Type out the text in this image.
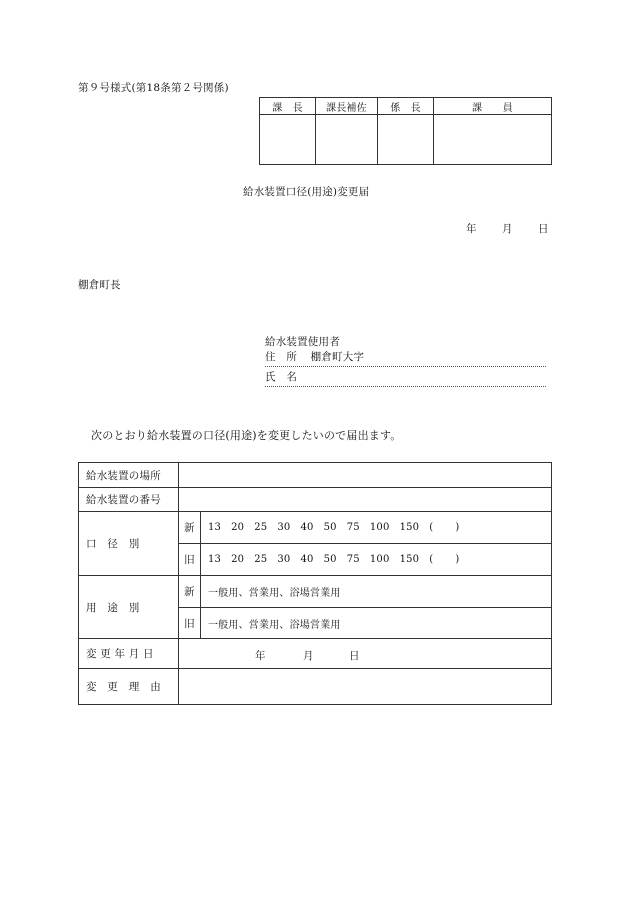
第９号様式(第18条第２号関係)
課　長	課長補佐	係　長	課　　員

給水装置口径(用途)変更届
年 月 日
棚倉町長
給水装置使用者
住　所 棚倉町大字
氏　名
次のとおり給水装置の口径(用途)を変更したいので届出ます。
給水装置の場所		
給水装置の番号		
口　径　別	新	13 20 25 30 40 50 75 100 150 ( )
	旧	13 20 25 30 40 50 75 100 150 ( )
用　途　別	新	一般用、営業用、浴場営業用
	旧	一般用、営業用、浴場営業用
変 更 年 月 日	年 月 日	

変　更　理　由		
